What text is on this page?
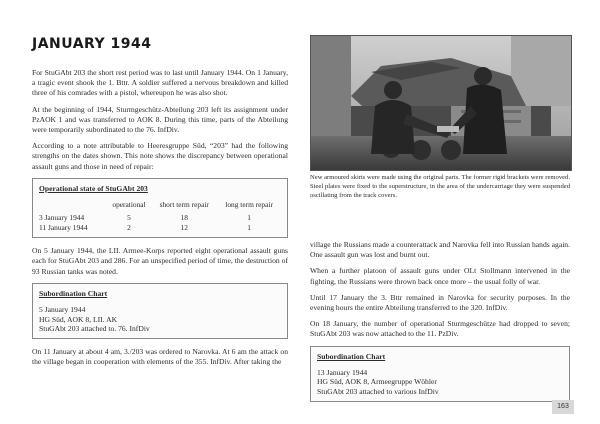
JANUARY 1944

For StuGAbt 203 the short rest period was to last until January 1944. On 1 January, a tragic event shook the 1. Bttr. A soldier suffered a nervous breakdown and killed three of his comrades with a pistol, whereupon he was also shot.

At the beginning of 1944, Sturmgeschütz-Abteilung 203 left its assignment under PzAOK 1 and was transferred to AOK 8. During this time, parts of the Abteilung were temporarily subordinated to the 76. InfDiv.

According to a note attributable to Heeresgruppe Süd, “203” had the following strengths on the dates shown. This note shows the discrepancy between operational assault guns and those in need of repair:

Operational state of StuGAbt 203
	operational	short term repair	long term repair
3 January 1944	5	18	1
11 January 1944	2	12	1

On 5 January 1944, the LII. Armee-Korps reported eight operational assault guns each for StuGAbt 203 and 286. For an unspecified period of time, the destruction of 93 Russian tanks was noted.

Subordination Chart
5 January 1944
HG Süd, AOK 8, LII. AK
StuGAbt 203 attached to. 76. InfDiv

On 11 January at about 4 am, 3./203 was ordered to Narovka. At 6 am the attack on the village began in cooperation with elements of the 355. InfDiv. After taking the

New armoured skirts were made using the original parts. The former rigid brackets were removed. Steel plates were fixed to the superstructure, in the area of the undercarriage they were suspended oscillating from the track covers.

village the Russians made a counterattack and Narovka fell into Russian hands again. One assault gun was lost and burnt out.

When a further platoon of assault guns under OLt Stollmann intervened in the fighting, the Russians were thrown back once more – the usual folly of war.

Until 17 January the 3. Bttr remained in Narovka for security purposes. In the evening hours the entire Abteilung transferred to the 320. InfDiv.

On 18 January, the number of operational Sturmgeschütze had dropped to seven; StuGAbt 203 was now attached to the 11. PzDiv.

Subordination Chart
13 January 1944
HG Süd, AOK 8, Armeegruppe Wöhler
StuGAbt 203 attached to various InfDiv
163
